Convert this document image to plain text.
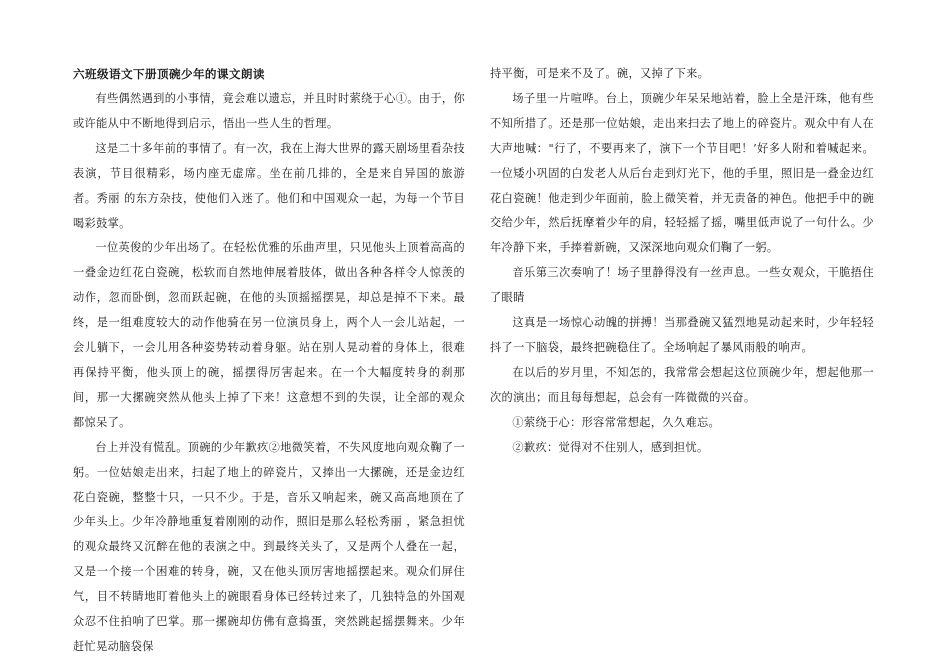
六班级语文下册顶碗少年的课文朗读

有些偶然遇到的小事情，竟会难以遗忘，并且时时萦绕于心①。由于，你或许能从中不断地得到启示，悟出一些人生的哲理。

这是二十多年前的事情了。有一次，我在上海大世界的露天剧场里看杂技表演，节目很精彩，场内座无虚席。坐在前几排的，全是来自异国的旅游者。秀丽 的东方杂技，使他们入迷了。他们和中国观众一起，为每一个节目喝彩鼓掌。

一位英俊的少年出场了。在轻松优雅的乐曲声里，只见他头上顶着高高的一叠金边红花白瓷碗，松软而自然地伸展着肢体，做出各种各样令人惊羡的动作，忽而卧倒，忽而跃起碗，在他的头顶摇摇摆晃，却总是掉不下来。最终，是一组难度较大的动作他骑在另一位演员身上，两个人一会儿站起，一会儿躺下，一会儿用各种姿势转动着身躯。站在别人晃动着的身体上，很难再保持平衡，他头顶上的碗，摇摆得厉害起来。在一个大幅度转身的刹那间，那一大摞碗突然从他头上掉了下来！这意想不到的失误，让全部的观众都惊呆了。

台上并没有慌乱。顶碗的少年歉疚②地微笑着，不失风度地向观众鞠了一躬。一位姑娘走出来，扫起了地上的碎瓷片，又捧出一大摞碗，还是金边红花白瓷碗，整整十只，一只不少。于是，音乐又响起来，碗又高高地顶在了少年头上。少年冷静地重复着刚刚的动作，照旧是那么轻松秀丽 ，紧急担忧的观众最终又沉醉在他的表演之中。到最终关头了，又是两个人叠在一起，又是一个接一个困难的转身，碗，又在他头顶厉害地摇摆起来。观众们屏住气，目不转睛地盯着他头上的碗眼看身体已经转过来了，几独特急的外国观众忍不住拍响了巴掌。那一摞碗却仿佛有意捣蛋，突然跳起摇摆舞来。少年赶忙晃动脑袋保

持平衡，可是来不及了。碗，又掉了下来。

场子里一片喧哗。台上，顶碗少年呆呆地站着，脸上全是汗珠，他有些不知所措了。还是那一位姑娘，走出来扫去了地上的碎瓷片。观众中有人在大声地喊："行了，不要再来了，演下一个节目吧！’好多人附和着喊起来。一位矮小巩固的白发老人从后台走到灯光下，他的手里，照旧是一叠金边红花白瓷碗！他走到少年面前，脸上微笑着，并无责备的神色。他把手中的碗交给少年，然后抚摩着少年的肩，轻轻摇了摇，嘴里低声说了一句什么。少年冷静下来，手捧着新碗，又深深地向观众们鞠了一躬。

音乐第三次奏响了！场子里静得没有一丝声息。一些女观众，干脆捂住了眼睛

这真是一场惊心动魄的拼搏！当那叠碗又猛烈地晃动起来时，少年轻轻抖了一下脑袋，最终把碗稳住了。全场响起了暴风雨般的响声。

在以后的岁月里，不知怎的，我常常会想起这位顶碗少年，想起他那一次的演出；而且每每想起，总会有一阵微微的兴奋。

①萦绕于心：形容常常想起，久久难忘。

②歉疚：觉得对不住别人，感到担忧。
